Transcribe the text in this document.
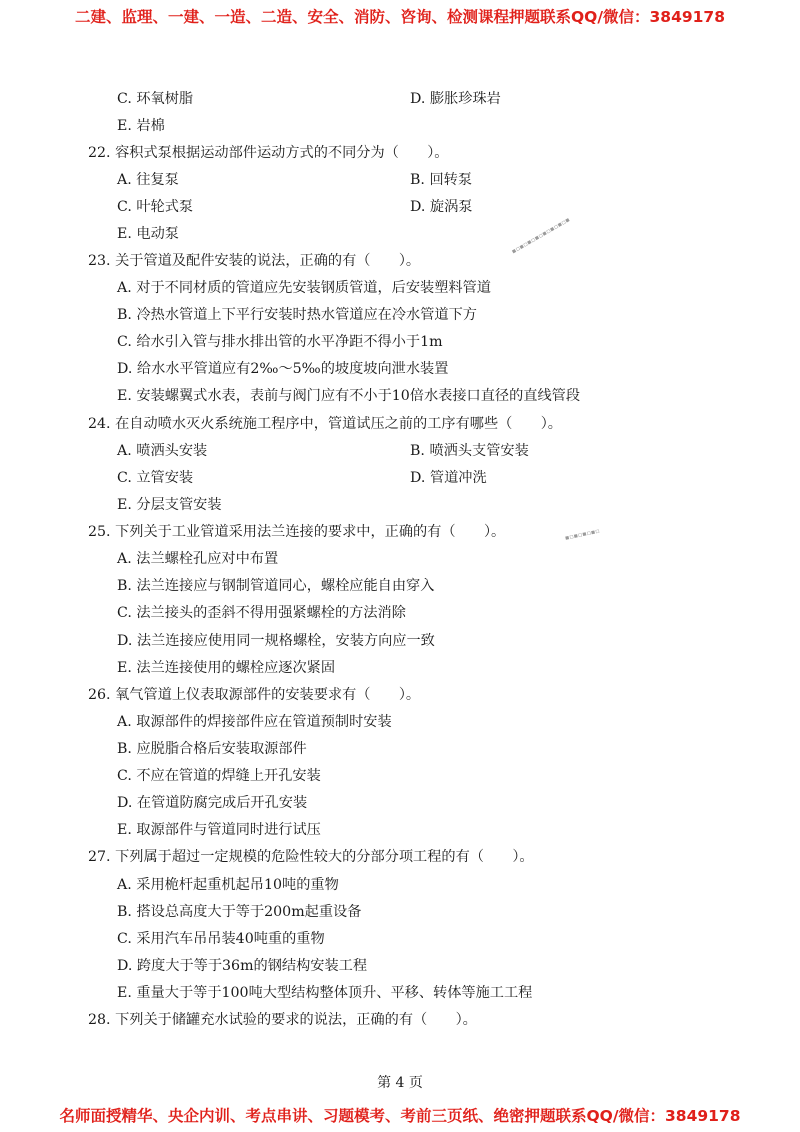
二建、监理、一建、一造、二造、安全、消防、咨询、检测课程押题联系QQ/微信：3849178
C. 环氧树脂	D. 膨胀珍珠岩
E. 岩棉
22. 容积式泵根据运动部件运动方式的不同分为（　　）。
A. 往复泵	B. 回转泵
C. 叶轮式泵	D. 旋涡泵
E. 电动泵
23. 关于管道及配件安装的说法，正确的有（　　）。
A. 对于不同材质的管道应先安装钢质管道，后安装塑料管道
B. 冷热水管道上下平行安装时热水管道应在冷水管道下方
C. 给水引入管与排水排出管的水平净距不得小于1m
D. 给水水平管道应有2‰～5‰的坡度坡向泄水装置
E. 安装螺翼式水表，表前与阀门应有不小于10倍水表接口直径的直线管段
24. 在自动喷水灭火系统施工程序中，管道试压之前的工序有哪些（　　）。
A. 喷洒头安装	B. 喷洒头支管安装
C. 立管安装	D. 管道冲洗
E. 分层支管安装
25. 下列关于工业管道采用法兰连接的要求中，正确的有（　　）。
A. 法兰螺栓孔应对中布置
B. 法兰连接应与钢制管道同心，螺栓应能自由穿入
C. 法兰接头的歪斜不得用强紧螺栓的方法消除
D. 法兰连接应使用同一规格螺栓，安装方向应一致
E. 法兰连接使用的螺栓应逐次紧固
26. 氧气管道上仪表取源部件的安装要求有（　　）。
A. 取源部件的焊接部件应在管道预制时安装
B. 应脱脂合格后安装取源部件
C. 不应在管道的焊缝上开孔安装
D. 在管道防腐完成后开孔安装
E. 取源部件与管道同时进行试压
27. 下列属于超过一定规模的危险性较大的分部分项工程的有（　　）。
A. 采用桅杆起重机起吊10吨的重物
B. 搭设总高度大于等于200m起重设备
C. 采用汽车吊吊装40吨重的重物
D. 跨度大于等于36m的钢结构安装工程
E. 重量大于等于100吨大型结构整体顶升、平移、转体等施工工程
28. 下列关于储罐充水试验的要求的说法，正确的有（　　）。
▪▫▪▫▪▫▪▫▪▫▪▫▪▫▪
▪▫▪▫▪▫▪▫
第 4 页
名师面授精华、央企内训、考点串讲、习题模考、考前三页纸、绝密押题联系QQ/微信：3849178
